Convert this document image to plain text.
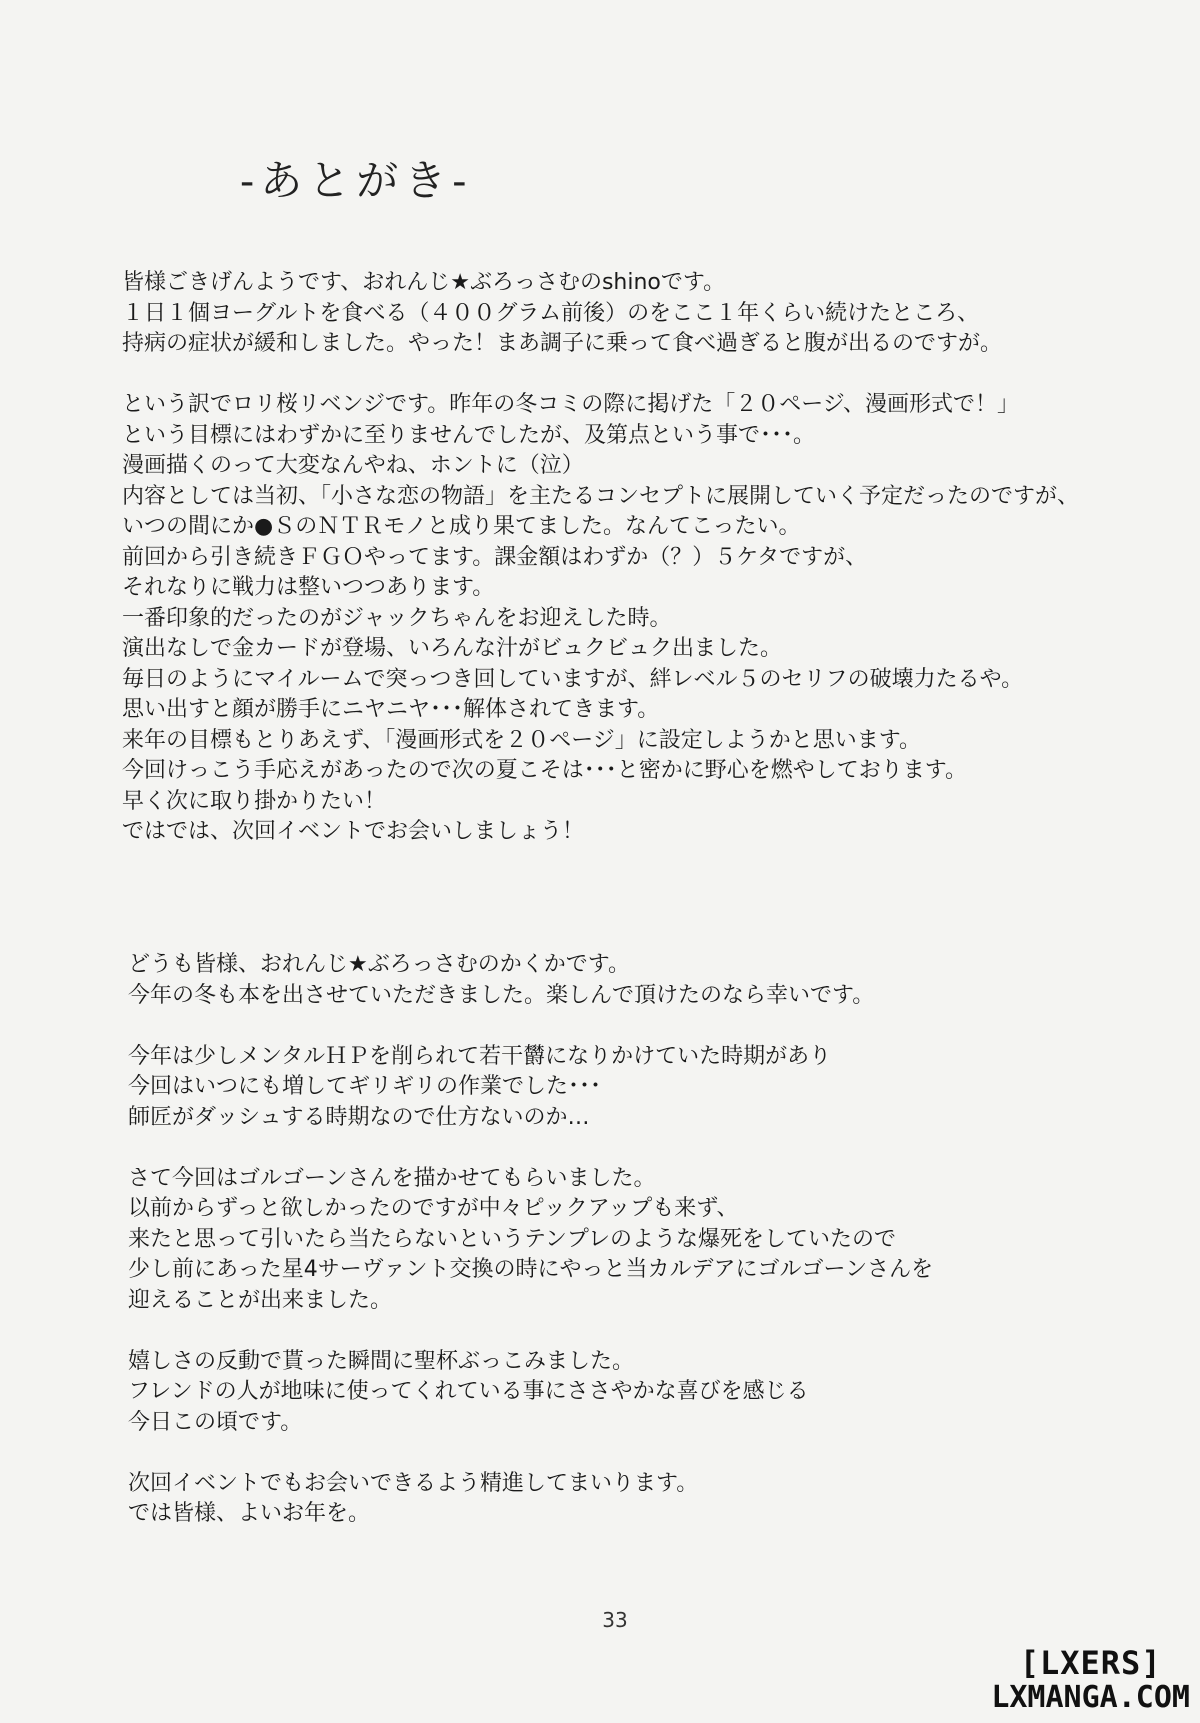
-あとがき-
皆様ごきげんようです、おれんじ★ぶろっさむのshinoです。
１日１個ヨーグルトを食べる（４００グラム前後）のをここ１年くらい続けたところ、
持病の症状が緩和しました。やった！まあ調子に乗って食べ過ぎると腹が出るのですが。
という訳でロリ桜リベンジです。昨年の冬コミの際に掲げた「２０ページ、漫画形式で！」
という目標にはわずかに至りませんでしたが、及第点という事で･･･。
漫画描くのって大変なんやね、ホントに（泣）
内容としては当初、「小さな恋の物語」を主たるコンセプトに展開していく予定だったのですが、
いつの間にか●ＳのＮＴＲモノと成り果てました。なんてこったい。
前回から引き続きＦＧＯやってます。課金額はわずか（？）５ケタですが、
それなりに戦力は整いつつあります。
一番印象的だったのがジャックちゃんをお迎えした時。
演出なしで金カードが登場、いろんな汁がビュクビュク出ました。
毎日のようにマイルームで突っつき回していますが、絆レベル５のセリフの破壊力たるや。
思い出すと顔が勝手にニヤニヤ･･･解体されてきます。
来年の目標もとりあえず、「漫画形式を２０ページ」に設定しようかと思います。
今回けっこう手応えがあったので次の夏こそは･･･と密かに野心を燃やしております。
早く次に取り掛かりたい！
ではでは、次回イベントでお会いしましょう！
どうも皆様、おれんじ★ぶろっさむのかくかです。
今年の冬も本を出させていただきました。楽しんで頂けたのなら幸いです。
今年は少しメンタルＨＰを削られて若干欝になりかけていた時期があり
今回はいつにも増してギリギリの作業でした･･･
師匠がダッシュする時期なので仕方ないのか…
さて今回はゴルゴーンさんを描かせてもらいました。
以前からずっと欲しかったのですが中々ピックアップも来ず、
来たと思って引いたら当たらないというテンプレのような爆死をしていたので
少し前にあった星4サーヴァント交換の時にやっと当カルデアにゴルゴーンさんを
迎えることが出来ました。
嬉しさの反動で貰った瞬間に聖杯ぶっこみました。
フレンドの人が地味に使ってくれている事にささやかな喜びを感じる
今日この頃です。
次回イベントでもお会いできるよう精進してまいります。
では皆様、よいお年を。
33
[LXERS]
LXMANGA.COM
